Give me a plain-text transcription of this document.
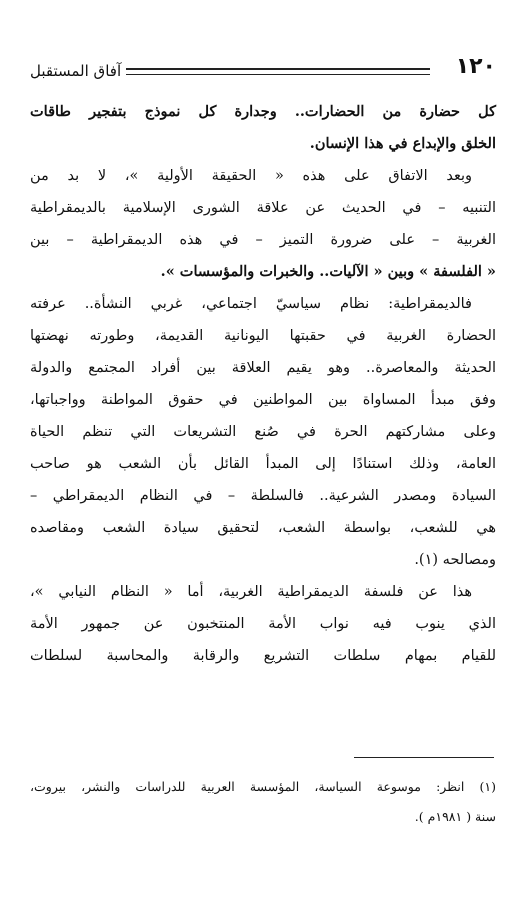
آفاق المستقبل	١٢٠

كل حضارة من الحضارات.. وجدارة كل نموذج بتفجير طاقات
الخلق والإبداع في هذا الإنسان.

وبعد الاتفاق على هذه « الحقيقة الأولية »، لا بد من
التنبيه – في الحديث عن علاقة الشورى الإسلامية بالديمقراطية
الغربية – على ضرورة التميز – في هذه الديمقراطية – بين
« الفلسفة » وبين « الآليات.. والخبرات والمؤسسات ».

فالديمقراطية: نظام سياسيّ اجتماعي، غربي النشأة.. عرفته
الحضارة الغربية في حقبتها اليونانية القديمة، وطورته نهضتها
الحديثة والمعاصرة.. وهو يقيم العلاقة بين أفراد المجتمع والدولة
وفق مبدأ المساواة بين المواطنين في حقوق المواطنة وواجباتها،
وعلى مشاركتهم الحرة في صُنع التشريعات التي تنظم الحياة
العامة، وذلك استنادًا إلى المبدأ القائل بأن الشعب هو صاحب
السيادة ومصدر الشرعية.. فالسلطة – في النظام الديمقراطي –
هي للشعب، بواسطة الشعب، لتحقيق سيادة الشعب ومقاصده
ومصالحه (١).

هذا عن فلسفة الديمقراطية الغربية، أما « النظام النيابي »،
الذي ينوب فيه نواب الأمة المنتخبون عن جمهور الأمة
للقيام بمهام سلطات التشريع والرقابة والمحاسبة لسلطات

(١) انظر: موسوعة السياسة، المؤسسة العربية للدراسات والنشر، بيروت،
سنة ( ١٩٨١م ).
